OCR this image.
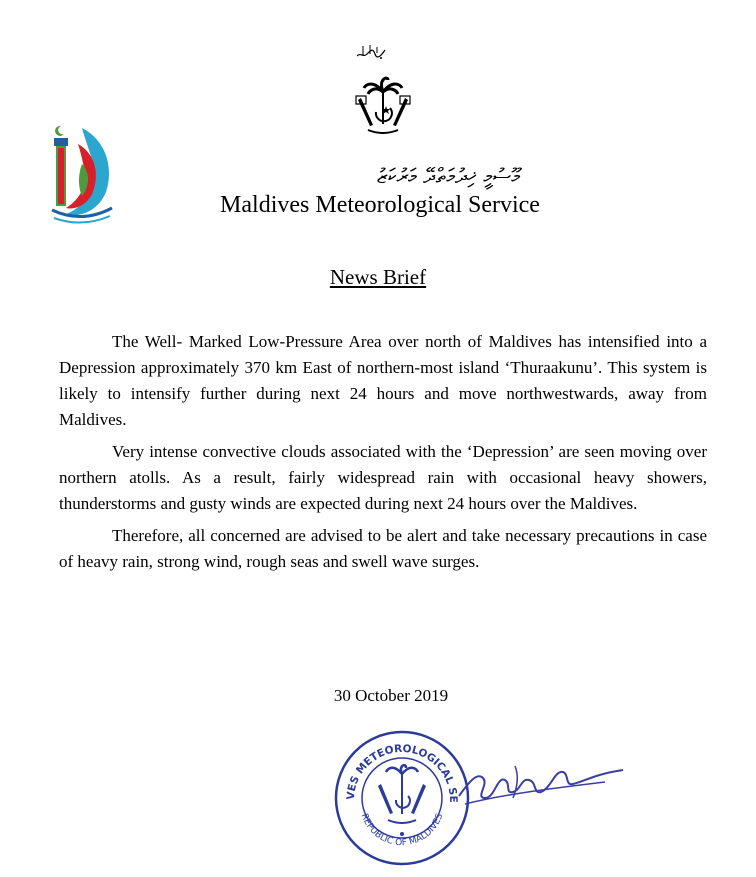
މޫސުމީ ޚިދުމަތްދޭ މަރުކަޒު
Maldives Meteorological Service
News Brief

The Well- Marked Low-Pressure Area over north of Maldives has intensified into a Depression approximately 370 km East of northern-most island ‘Thuraakunu’. This system is likely to intensify further during next 24 hours and move northwestwards, away from Maldives.

Very intense convective clouds associated with the ‘Depression’ are seen moving over northern atolls. As a result, fairly widespread rain with occasional heavy showers, thunderstorms and gusty winds are expected during next 24 hours over the Maldives.

Therefore, all concerned are advised to be alert and take necessary precautions in case of heavy rain, strong wind, rough seas and swell wave surges.

30 October 2019
VES METEOROLOGICAL SE
REPUBLIC OF MALDIVES
